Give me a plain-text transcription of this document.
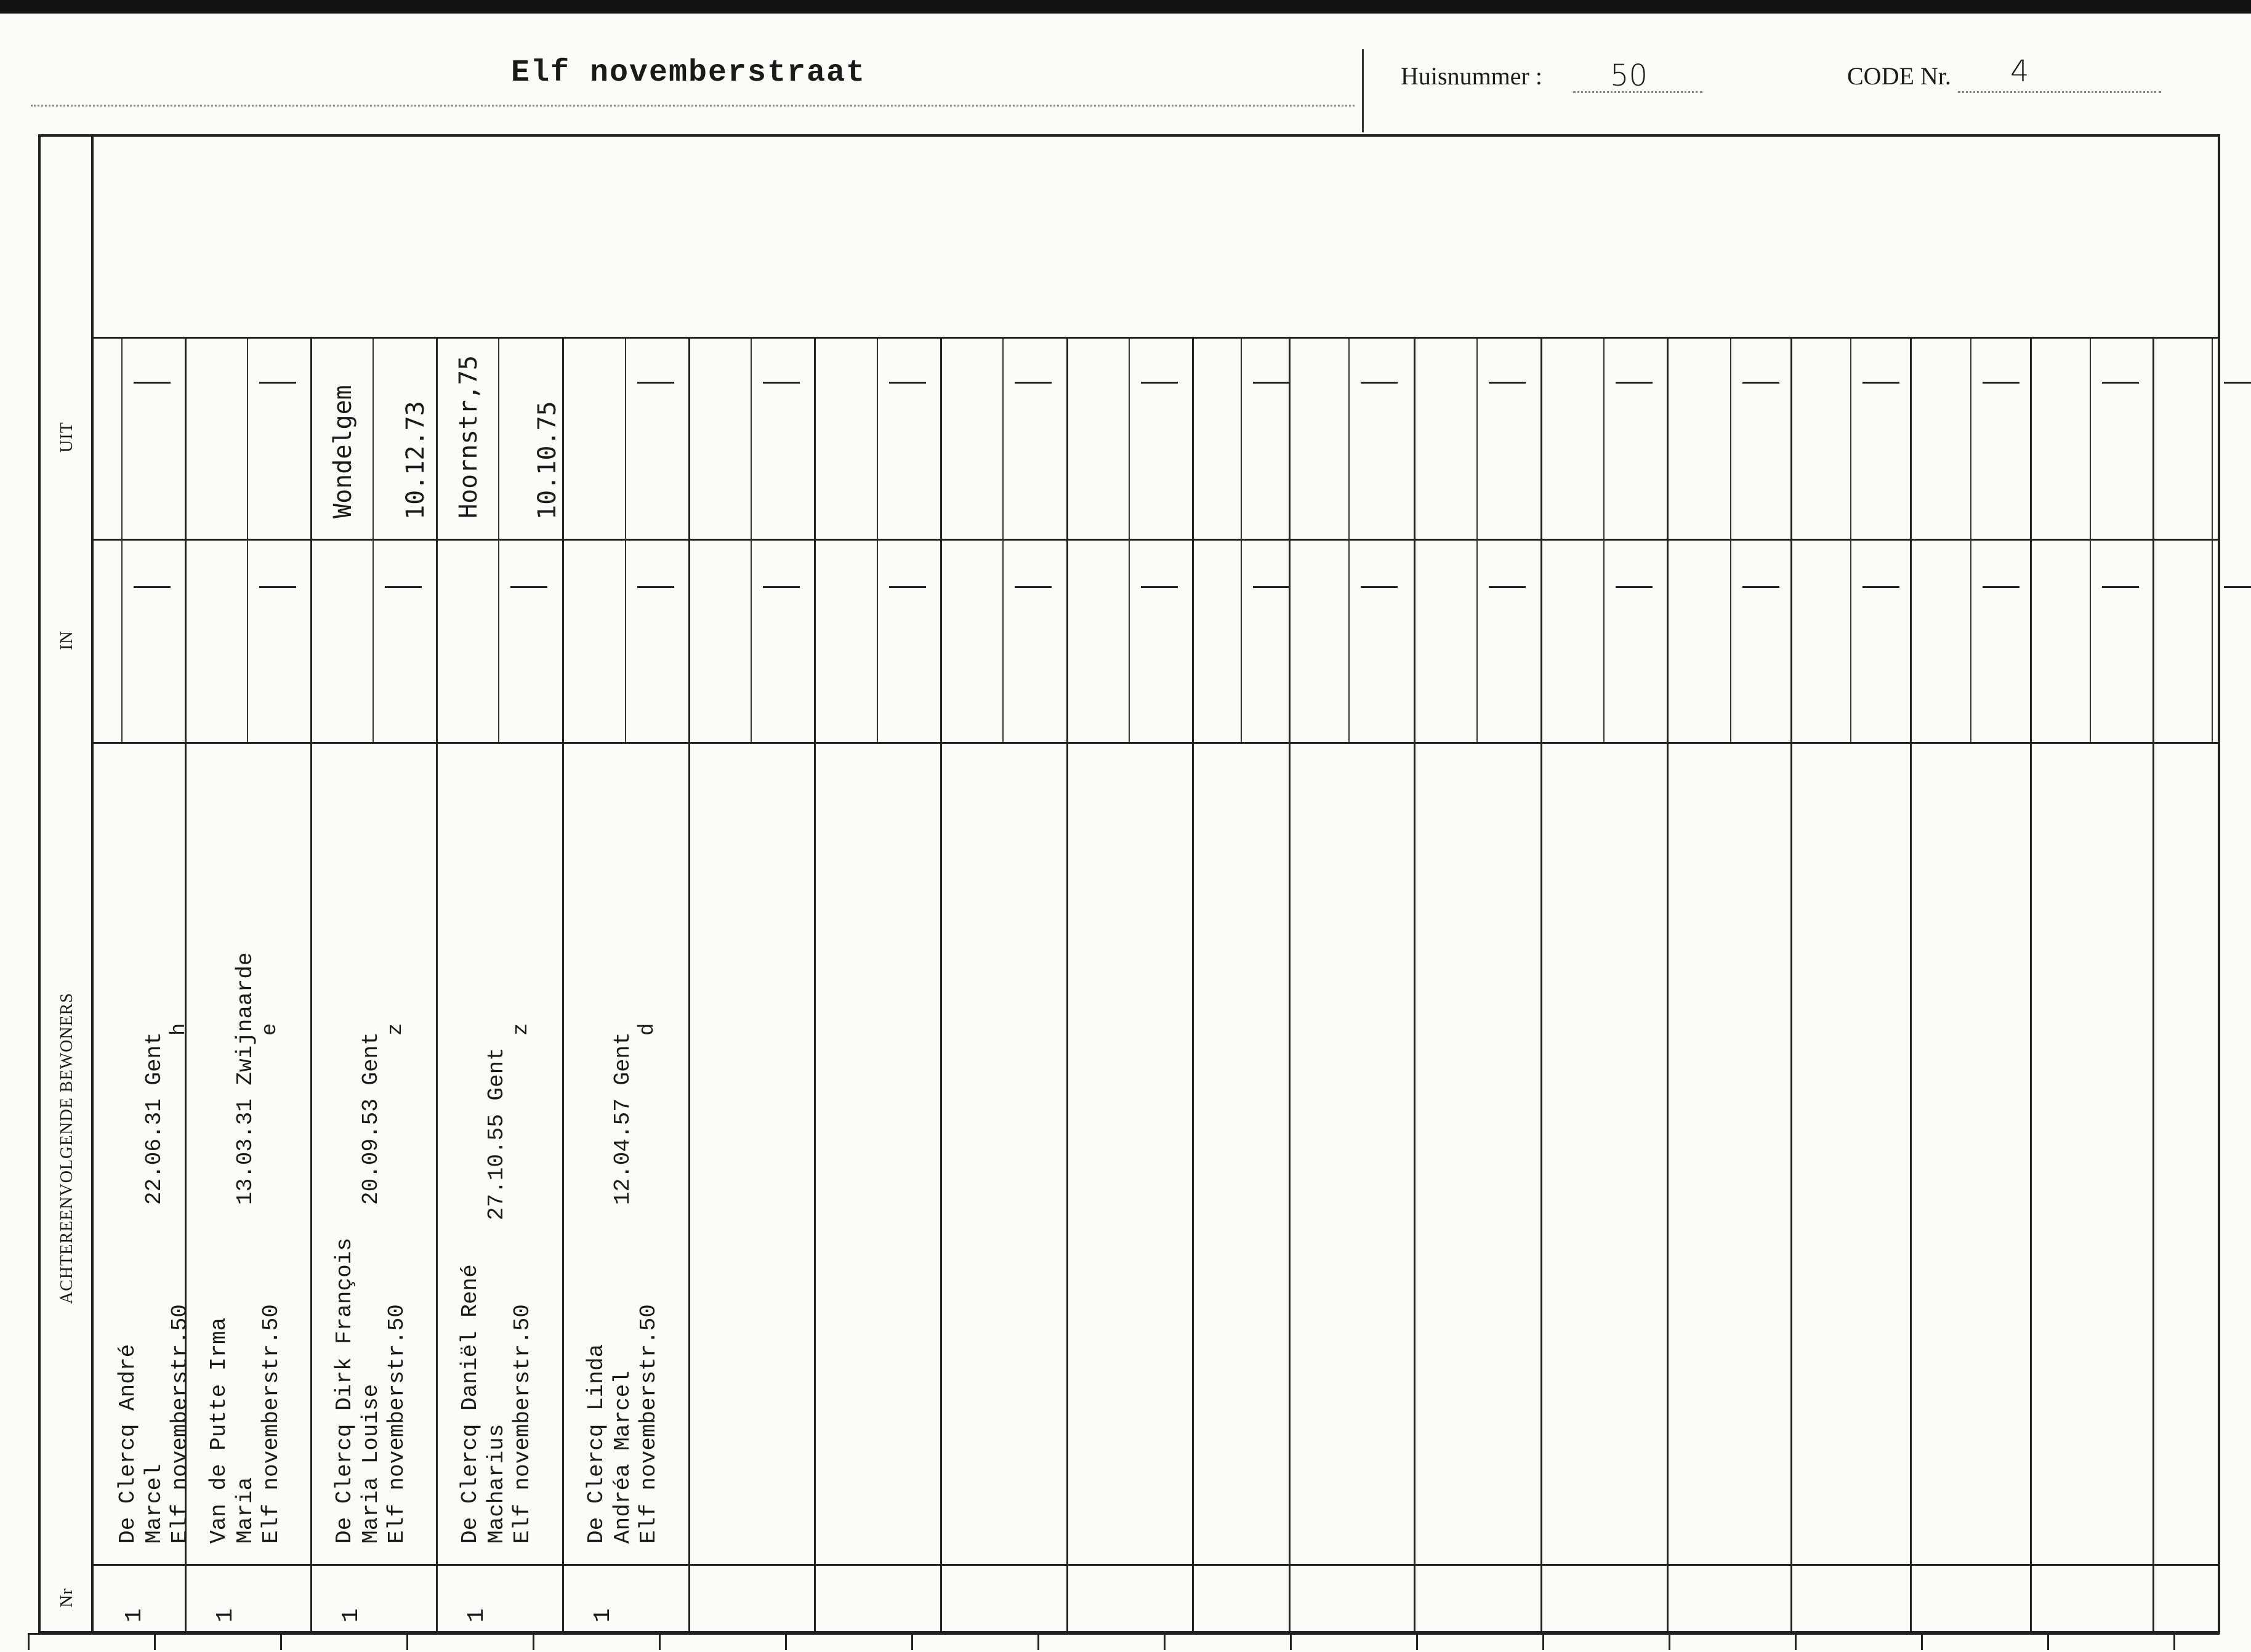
Elf novemberstraat	Huisnummer : 50	CODE Nr. 4
UIT
IN
ACHTEREENVOLGENDE BEWONERS
Nr
De Clercq André Marcel Elf novemberstr.50
22.06.31 Gent
h
1
Van de Putte Irma Maria Elf novemberstr.50
13.03.31 Zwijnaarde e
1
De Clercq Dirk François Maria Louise Elf novemberstr.50
20.09.53 Gent
z
1
Wondelgem 10.12.73
De Clercq Daniël René Macharius Elf novemberstr.50
27.10.55 Gent
z
1
Hoornstr,75 10.10.75
De Clercq Linda Andréa Marcel Elf novemberstr.50
12.04.57 Gent
d
1
